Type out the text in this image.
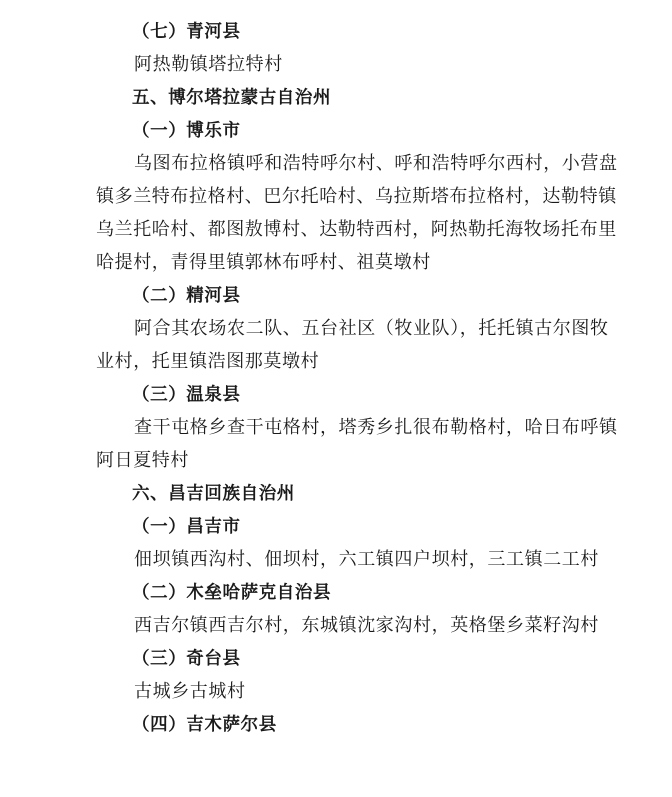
（七）青河县
阿热勒镇塔拉特村
五、博尔塔拉蒙古自治州
（一）博乐市
乌图布拉格镇呼和浩特呼尔村、呼和浩特呼尔西村，小营盘
镇多兰特布拉格村、巴尔托哈村、乌拉斯塔布拉格村，达勒特镇
乌兰托哈村、都图敖博村、达勒特西村，阿热勒托海牧场托布里
哈提村，青得里镇郭林布呼村、祖莫墩村
（二）精河县
阿合其农场农二队、五台社区（牧业队），托托镇古尔图牧
业村，托里镇浩图那莫墩村
（三）温泉县
查干屯格乡查干屯格村，塔秀乡扎很布勒格村，哈日布呼镇
阿日夏特村
六、昌吉回族自治州
（一）昌吉市
佃坝镇西沟村、佃坝村，六工镇四户坝村，三工镇二工村
（二）木垒哈萨克自治县
西吉尔镇西吉尔村，东城镇沈家沟村，英格堡乡菜籽沟村
（三）奇台县
古城乡古城村
（四）吉木萨尔县
